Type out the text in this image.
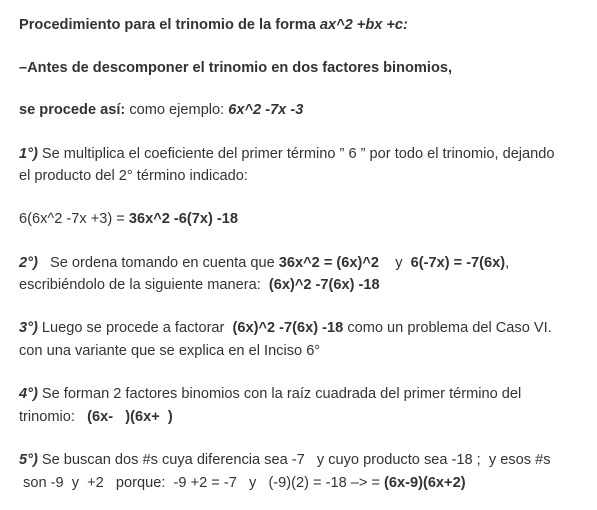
Procedimiento para el trinomio de la forma ax^2 +bx +c:
–Antes de descomponer el trinomio en dos factores binomios,
se procede así: como ejemplo: 6x^2 -7x -3
1°) Se multiplica el coeficiente del primer término ” 6 ” por todo el trinomio, dejando
el producto del 2° término indicado:
6(6x^2 -7x +3) = 36x^2 -6(7x) -18
2°)   Se ordena tomando en cuenta que 36x^2 = (6x)^2    y  6(-7x) = -7(6x),
escribiéndolo de la siguiente manera:  (6x)^2 -7(6x) -18
3°) Luego se procede a factorar  (6x)^2 -7(6x) -18 como un problema del Caso VI.
con una variante que se explica en el Inciso 6°
4°) Se forman 2 factores binomios con la raíz cuadrada del primer término del
trinomio:   (6x-   )(6x+  )
5°) Se buscan dos #s cuya diferencia sea -7   y cuyo producto sea -18 ;  y esos #s
son -9  y  +2   porque:  -9 +2 = -7   y   (-9)(2) = -18 –> = (6x-9)(6x+2)
